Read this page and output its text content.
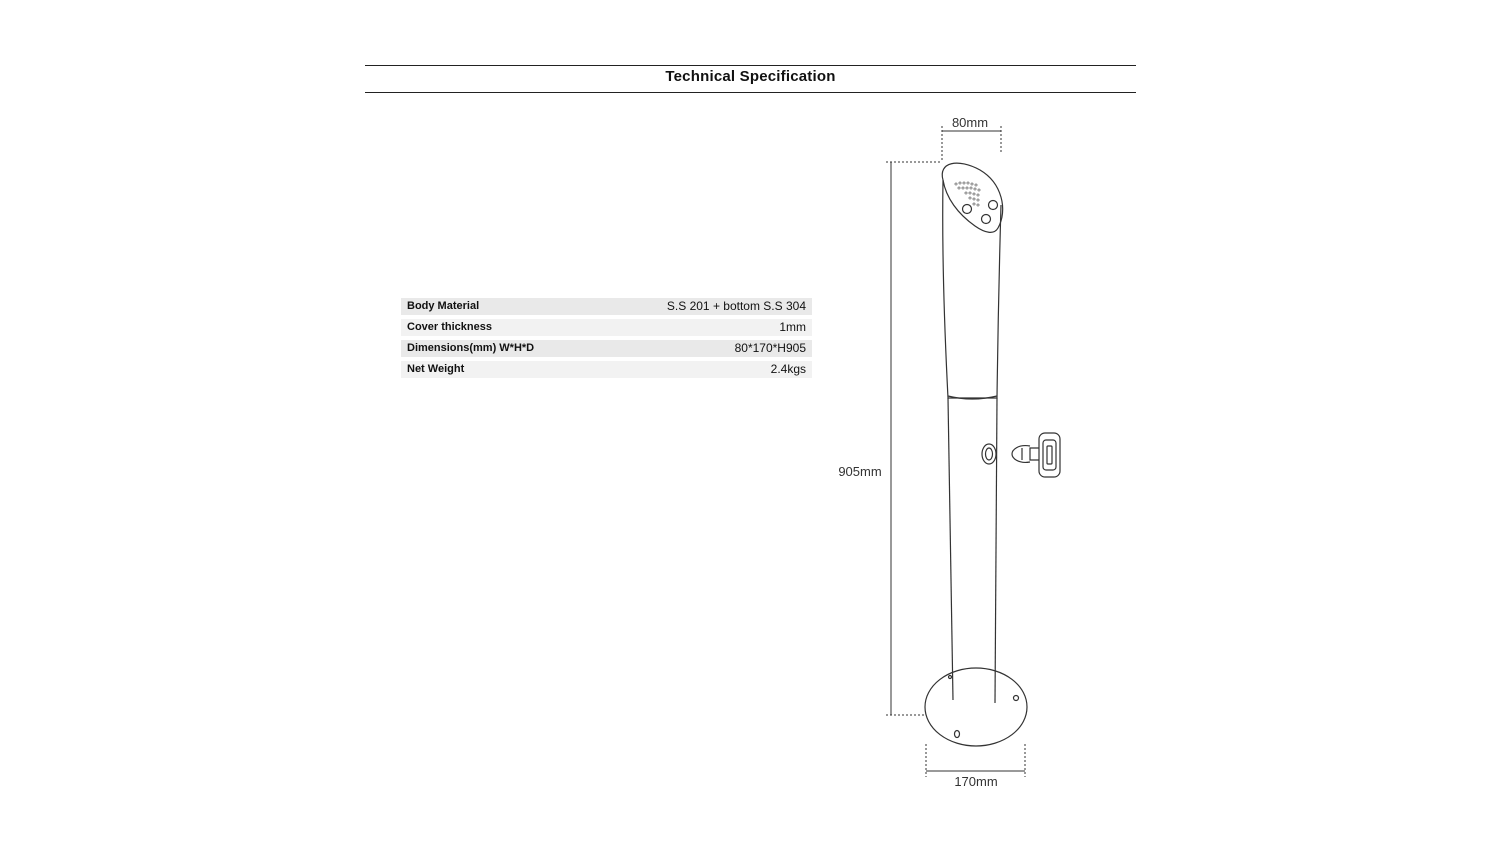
Technical Specification
Body Material	S.S 201 + bottom S.S 304
Cover thickness	1mm
Dimensions(mm) W*H*D	80*170*H905
Net Weight	2.4kgs
80mm
905mm
170mm
